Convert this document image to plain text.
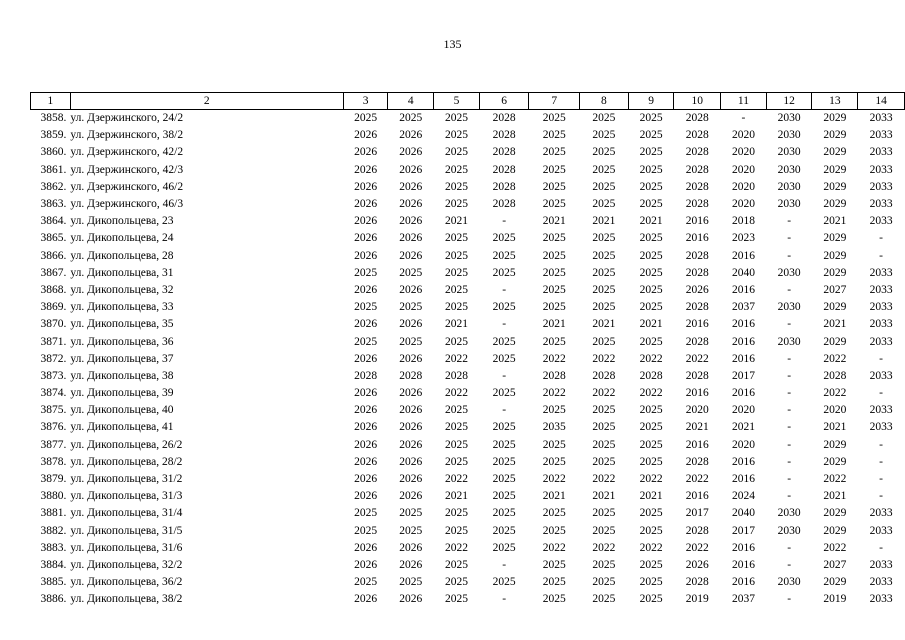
135
1	2	3	4	5	6	7	8	9	10	11	12	13	14
3858.	ул. Дзержинского, 24/2	2025	2025	2025	2028	2025	2025	2025	2028	-	2030	2029	2033
3859.	ул. Дзержинского, 38/2	2026	2026	2025	2028	2025	2025	2025	2028	2020	2030	2029	2033
3860.	ул. Дзержинского, 42/2	2026	2026	2025	2028	2025	2025	2025	2028	2020	2030	2029	2033
3861.	ул. Дзержинского, 42/3	2026	2026	2025	2028	2025	2025	2025	2028	2020	2030	2029	2033
3862.	ул. Дзержинского, 46/2	2026	2026	2025	2028	2025	2025	2025	2028	2020	2030	2029	2033
3863.	ул. Дзержинского, 46/3	2026	2026	2025	2028	2025	2025	2025	2028	2020	2030	2029	2033
3864.	ул. Дикопольцева, 23	2026	2026	2021	-	2021	2021	2021	2016	2018	-	2021	2033
3865.	ул. Дикопольцева, 24	2026	2026	2025	2025	2025	2025	2025	2016	2023	-	2029	-
3866.	ул. Дикопольцева, 28	2026	2026	2025	2025	2025	2025	2025	2028	2016	-	2029	-
3867.	ул. Дикопольцева, 31	2025	2025	2025	2025	2025	2025	2025	2028	2040	2030	2029	2033
3868.	ул. Дикопольцева, 32	2026	2026	2025	-	2025	2025	2025	2026	2016	-	2027	2033
3869.	ул. Дикопольцева, 33	2025	2025	2025	2025	2025	2025	2025	2028	2037	2030	2029	2033
3870.	ул. Дикопольцева, 35	2026	2026	2021	-	2021	2021	2021	2016	2016	-	2021	2033
3871.	ул. Дикопольцева, 36	2025	2025	2025	2025	2025	2025	2025	2028	2016	2030	2029	2033
3872.	ул. Дикопольцева, 37	2026	2026	2022	2025	2022	2022	2022	2022	2016	-	2022	-
3873.	ул. Дикопольцева, 38	2028	2028	2028	-	2028	2028	2028	2028	2017	-	2028	2033
3874.	ул. Дикопольцева, 39	2026	2026	2022	2025	2022	2022	2022	2016	2016	-	2022	-
3875.	ул. Дикопольцева, 40	2026	2026	2025	-	2025	2025	2025	2020	2020	-	2020	2033
3876.	ул. Дикопольцева, 41	2026	2026	2025	2025	2035	2025	2025	2021	2021	-	2021	2033
3877.	ул. Дикопольцева, 26/2	2026	2026	2025	2025	2025	2025	2025	2016	2020	-	2029	-
3878.	ул. Дикопольцева, 28/2	2026	2026	2025	2025	2025	2025	2025	2028	2016	-	2029	-
3879.	ул. Дикопольцева, 31/2	2026	2026	2022	2025	2022	2022	2022	2022	2016	-	2022	-
3880.	ул. Дикопольцева, 31/3	2026	2026	2021	2025	2021	2021	2021	2016	2024	-	2021	-
3881.	ул. Дикопольцева, 31/4	2025	2025	2025	2025	2025	2025	2025	2017	2040	2030	2029	2033
3882.	ул. Дикопольцева, 31/5	2025	2025	2025	2025	2025	2025	2025	2028	2017	2030	2029	2033
3883.	ул. Дикопольцева, 31/6	2026	2026	2022	2025	2022	2022	2022	2022	2016	-	2022	-
3884.	ул. Дикопольцева, 32/2	2026	2026	2025	-	2025	2025	2025	2026	2016	-	2027	2033
3885.	ул. Дикопольцева, 36/2	2025	2025	2025	2025	2025	2025	2025	2028	2016	2030	2029	2033
3886.	ул. Дикопольцева, 38/2	2026	2026	2025	-	2025	2025	2025	2019	2037	-	2019	2033
